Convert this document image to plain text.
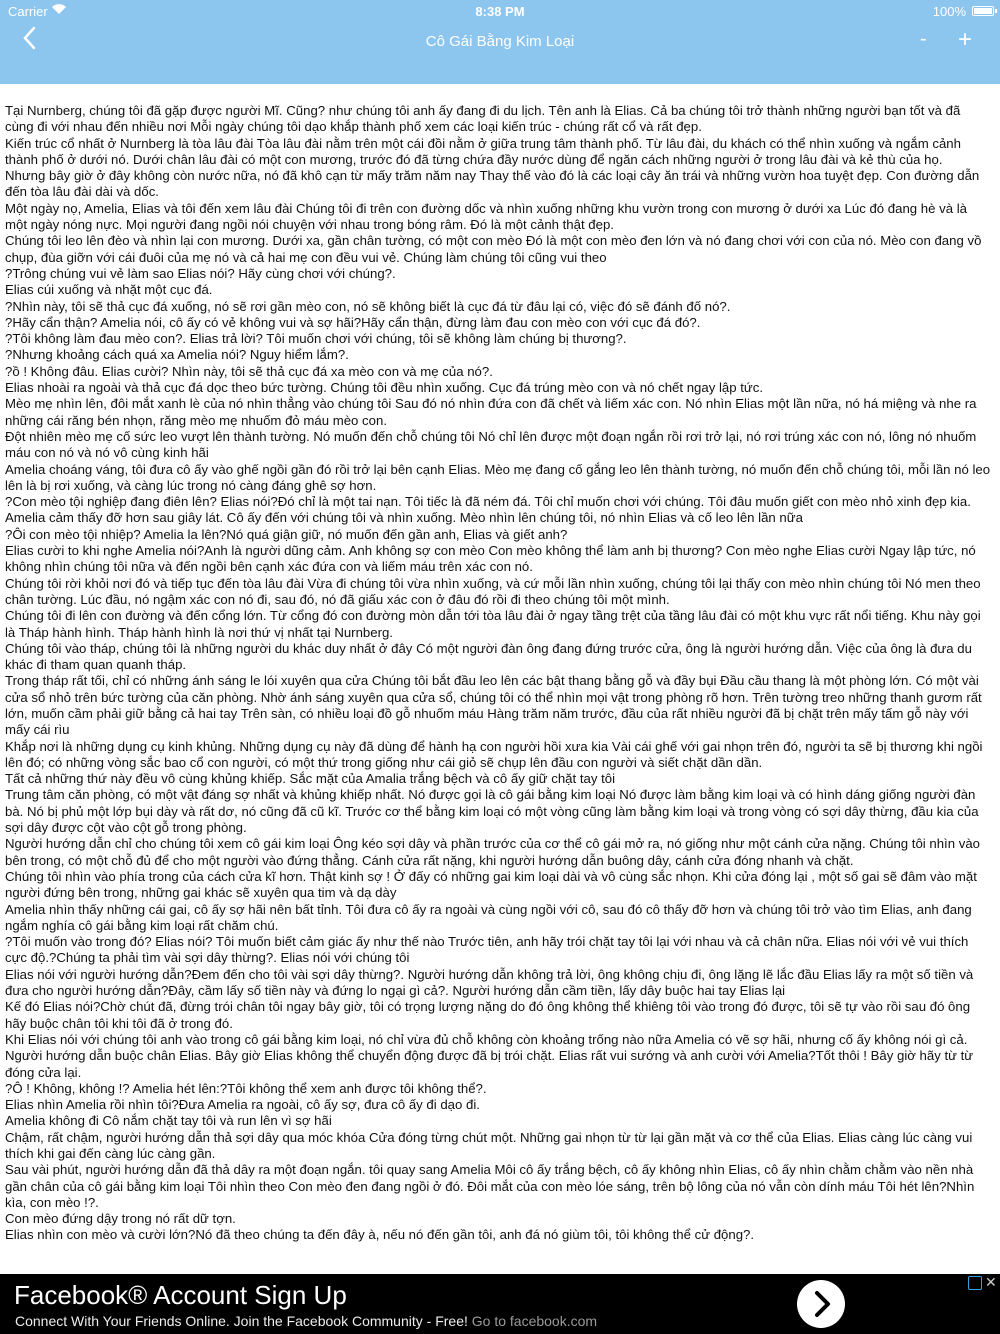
Carrier	8:38 PM	100%
Cô Gái Bằng Kim Loại	- +

Tại Nurnberg, chúng tôi đã gặp được người Mĩ. Cũng? như chúng tôi anh ấy đang đi du lịch. Tên anh là Elias. Cả ba chúng tôi trở thành những người bạn tốt và đã cùng đi với nhau đến nhiều nơi Mỗi ngày chúng tôi dạo khắp thành phố xem các loại kiến trúc - chúng rất cổ và rất đẹp.

Kiến trúc cổ nhất ở Nurnberg là tòa lâu đài Tòa lâu đài nằm trên một cái đồi nằm ở giữa trung tâm thành phố. Từ lâu đài, du khách có thể nhìn xuống và ngắm cảnh thành phố ở dưới nó. Dưới chân lâu đài có một con mương, trước đó đã từng chứa đầy nước dùng để ngăn cách những người ở trong lâu đài và kẻ thù của họ.

Nhưng bây giờ ở đây không còn nước nữa, nó đã khô cạn từ mấy trăm năm nay Thay thế vào đó là các loại cây ăn trái và những vườn hoa tuyệt đẹp. Con đường dẫn đến tòa lâu đài dài và dốc.

Một ngày nọ, Amelia, Elias và tôi đến xem lâu đài Chúng tôi đi trên con đường dốc và nhìn xuống những khu vườn trong con mương ở dưới xa Lúc đó đang hè và là một ngày nóng nực. Mọi người đang ngồi nói chuyện với nhau trong bóng râm. Đó là một cảnh thật đẹp.

Chúng tôi leo lên đèo và nhìn lại con mương. Dưới xa, gần chân tường, có một con mèo Đó là một con mèo đen lớn và nó đang chơi với con của nó. Mèo con đang vồ chụp, đùa giỡn với cái đuôi của mẹ nó và cả hai mẹ con đều vui vẻ. Chúng làm chúng tôi cũng vui theo

?Trông chúng vui vẻ làm sao Elias nói? Hãy cùng chơi với chúng?.

Elias cúi xuống và nhặt một cục đá.

?Nhìn này, tôi sẽ thả cục đá xuống, nó sẽ rơi gần mèo con, nó sẽ không biết là cục đá từ đâu lại có, việc đó sẽ đánh đố nó?.

?Hãy cẩn thận? Amelia nói, cô ấy có vẻ không vui và sợ hãi?Hãy cẩn thận, đừng làm đau con mèo con với cục đá đó?.

?Tôi không làm đau mèo con?. Elias trả lời? Tôi muốn chơi với chúng, tôi sẽ không làm chúng bị thương?.

?Nhưng khoảng cách quá xa Amelia nói? Nguy hiểm lắm?.

?ồ ! Không đâu. Elias cười? Nhìn này, tôi sẽ thả cục đá xa mèo con và mẹ của nó?.

Elias nhoài ra ngoài và thả cục đá dọc theo bức tường. Chúng tôi đều nhìn xuống. Cục đá trúng mèo con và nó chết ngay lập tức.

Mèo mẹ nhìn lên, đôi mắt xanh lè của nó nhìn thẳng vào chúng tôi Sau đó nó nhìn đứa con đã chết và liếm xác con. Nó nhìn Elias một lần nữa, nó há miệng và nhe ra những cái răng bén nhọn, răng mèo mẹ nhuốm đỏ máu mèo con.

Đột nhiên mèo mẹ cố sức leo vượt lên thành tường. Nó muốn đến chỗ chúng tôi Nó chỉ lên được một đoạn ngắn rồi rơi trở lại, nó rơi trúng xác con nó, lông nó nhuốm máu con nó và nó vô cùng kinh hãi

Amelia choáng váng, tôi đưa cô ấy vào ghế ngồi gần đó rồi trở lại bên cạnh Elias. Mèo mẹ đang cố gắng leo lên thành tường, nó muốn đến chỗ chúng tôi, mỗi lần nó leo lên là bị rơi xuống, và càng lúc trong nó càng đáng ghê sợ hơn.

?Con mèo tội nghiệp đang điên lên? Elias nói?Đó chỉ là một tai nạn. Tôi tiếc là đã ném đá. Tôi chỉ muốn chơi với chúng. Tôi đâu muốn giết con mèo nhỏ xinh đẹp kia.

Amelia cảm thấy đỡ hơn sau giây lát. Cô ấy đến với chúng tôi và nhìn xuống. Mèo nhìn lên chúng tôi, nó nhìn Elias và cố leo lên lần nữa

?Ôi con mèo tội nhiệp? Amelia la lên?Nó quá giận giữ, nó muốn đến gần anh, Elias và giết anh?

Elias cười to khi nghe Amelia nói?Anh là người dũng cảm. Anh không sợ con mèo Con mèo không thể làm anh bị thương? Con mèo nghe Elias cười Ngay lập tức, nó không nhìn chúng tôi nữa và đến ngồi bên cạnh xác đứa con và liếm máu trên xác con nó.

Chúng tôi rời khỏi nơi đó và tiếp tục đến tòa lâu đài Vừa đi chúng tôi vừa nhìn xuống, và cứ mỗi lần nhìn xuống, chúng tôi lại thấy con mèo nhìn chúng tôi Nó men theo chân tường. Lúc đầu, nó ngậm xác con nó đi, sau đó, nó đã giấu xác con ở đâu đó rồi đi theo chúng tôi một mình.

Chúng tôi đi lên con đường và đến cổng lớn. Từ cổng đó con đường mòn dẫn tới tòa lâu đài ở ngay tầng trệt của tầng lâu đài có một khu vực rất nổi tiếng. Khu này gọi là Tháp hành hình. Tháp hành hình là nơi thứ vị nhất tại Nurnberg.

Chúng tôi vào tháp, chúng tôi là những người du khác duy nhất ở đây Có một người đàn ông đang đứng trước cửa, ông là người hướng dẫn. Việc của ông là đưa du khác đi tham quan quanh tháp.

Trong tháp rất tối, chỉ có những ánh sáng le lói xuyên qua cửa Chúng tôi bắt đầu leo lên các bật thang bằng gỗ và đầy bụi Đầu cầu thang là một phòng lớn. Có một vài cửa sổ nhỏ trên bức tường của căn phòng. Nhờ ánh sáng xuyên qua cửa sổ, chúng tôi có thể nhìn mọi vật trong phòng rõ hơn. Trên tường treo những thanh gươm rất lớn, muốn cầm phải giữ bằng cả hai tay Trên sàn, có nhiều loại đồ gỗ nhuốm máu Hàng trăm năm trước, đầu của rất nhiều người đã bị chặt trên mấy tấm gỗ này với mấy cái rìu

Khắp nơi là những dụng cụ kinh khủng. Những dụng cụ này đã dùng để hành hạ con người hồi xưa kia Vài cái ghế với gai nhọn trên đó, người ta sẽ bị thương khi ngồi lên đó; có những vòng sắc bao cổ con người, có một thứ trong giống như cái giỏ sẽ chụp lên đầu con người và siết chặt dần dần.

Tất cả những thứ này đều vô cùng khủng khiếp. Sắc mặt của Amalia trắng bệch và cô ấy giữ chặt tay tôi

Trung tâm căn phòng, có một vật đáng sợ nhất và khủng khiếp nhất. Nó được gọi là cô gái bằng kim loại Nó được làm bằng kim loại và có hình dáng giống người đàn bà. Nó bị phủ một lớp bụi dày và rất dơ, nó cũng đã cũ kĩ. Trước cơ thể bằng kim loại có một vòng cũng làm bằng kim loại và trong vòng có sợi dây thừng, đầu kia của sợi dây được cột vào cột gỗ trong phòng.

Người hướng dẫn chỉ cho chúng tôi xem cô gái kim loại Ông kéo sợi dây và phần trước của cơ thể cô gái mở ra, nó giống như một cánh cửa nặng. Chúng tôi nhìn vào bên trong, có một chỗ đủ để cho một người vào đứng thẳng. Cánh cửa rất nặng, khi người hướng dẫn buông dây, cánh cửa đóng nhanh và chặt.

Chúng tôi nhìn vào phía trong của cách cửa kĩ hơn. Thật kinh sợ ! Ở đấy có những gai kim loại dài và vô cùng sắc nhọn. Khi cửa đóng lại , một số gai sẽ đâm vào mặt người đứng bên trong, những gai khác sẽ xuyên qua tim và dạ dày

Amelia nhìn thấy những cái gai, cô ấy sợ hãi nên bất tỉnh. Tôi đưa cô ấy ra ngoài và cùng ngồi với cô, sau đó cô thấy đỡ hơn và chúng tôi trở vào tìm Elias, anh đang ngắm nghía cô gái bằng kim loại rất chăm chú.

?Tôi muốn vào trong đó? Elias nói? Tôi muốn biết cảm giác ấy như thế nào Trước tiên, anh hãy trói chặt tay tôi lại với nhau và cả chân nữa. Elias nói với vẻ vui thích cực độ.?Chúng ta phải tìm vài sợi dây thừng?. Elias nói với chúng tôi

Elias nói với người hướng dẫn?Đem đến cho tôi vài sợi dây thừng?. Người hướng dẫn không trả lời, ông không chịu đi, ông lặng lẽ lắc đầu Elias lấy ra một số tiền và đưa cho người hướng dẫn?Đây, cầm lấy số tiền này và đứng lo ngại gì cả?. Người hướng dẫn cầm tiền, lấy dây buộc hai tay Elias lại

Kế đó Elias nói?Chờ chút đã, đừng trói chân tôi ngay bây giờ, tôi có trọng lượng nặng do đó ông không thể khiêng tôi vào trong đó được, tôi sẽ tự vào rồi sau đó ông hãy buộc chân tôi khi tôi đã ở trong đó.

Khi Elias nói với chúng tôi anh vào trong cô gái bằng kim loại, nó chỉ vừa đủ chỗ không còn khoảng trống nào nữa Amelia có vẽ sợ hãi, nhưng cố ấy không nói gì cả.

Người hướng dẫn buộc chân Elias. Bây giờ Elias không thể chuyển động được đã bị trói chặt. Elias rất vui sướng và anh cười với Amelia?Tốt thôi ! Bây giờ hãy từ từ đóng cửa lại.

?Ô ! Không, không !? Amelia hét lên:?Tôi không thể xem anh được tôi không thể?.

Elias nhìn Amelia rồi nhìn tôi?Đưa Amelia ra ngoài, cô ấy sợ, đưa cô ấy đi dạo đi.

Amelia không đi Cô nắm chặt tay tôi và run lên vì sợ hãi

Chậm, rất chậm, người hướng dẫn thả sợi dây qua móc khóa Cửa đóng từng chút một. Những gai nhọn từ từ lại gần mặt và cơ thể của Elias. Elias càng lúc càng vui thích khi gai đến càng lúc càng gần.

Sau vài phút, người hướng dẫn đã thả dây ra một đoạn ngắn. tôi quay sang Amelia Môi cô ấy trắng bệch, cô ấy không nhìn Elias, cô ấy nhìn chằm chằm vào nền nhà gần chân của cô gái bằng kim loại Tôi nhìn theo Con mèo đen đang ngồi ở đó. Đôi mắt của con mèo lóe sáng, trên bộ lông của nó vẫn còn dính máu Tôi hét lên?Nhìn kìa, con mèo !?.

Con mèo đứng dậy trong nó rất dữ tợn.

Elias nhìn con mèo và cười lớn?Nó đã theo chúng ta đến đây à, nếu nó đến gần tôi, anh đá nó giùm tôi, tôi không thể cử động?.

Facebook® Account Sign Up
Connect With Your Friends Online. Join the Facebook Community - Free! Go to facebook.com
✕
